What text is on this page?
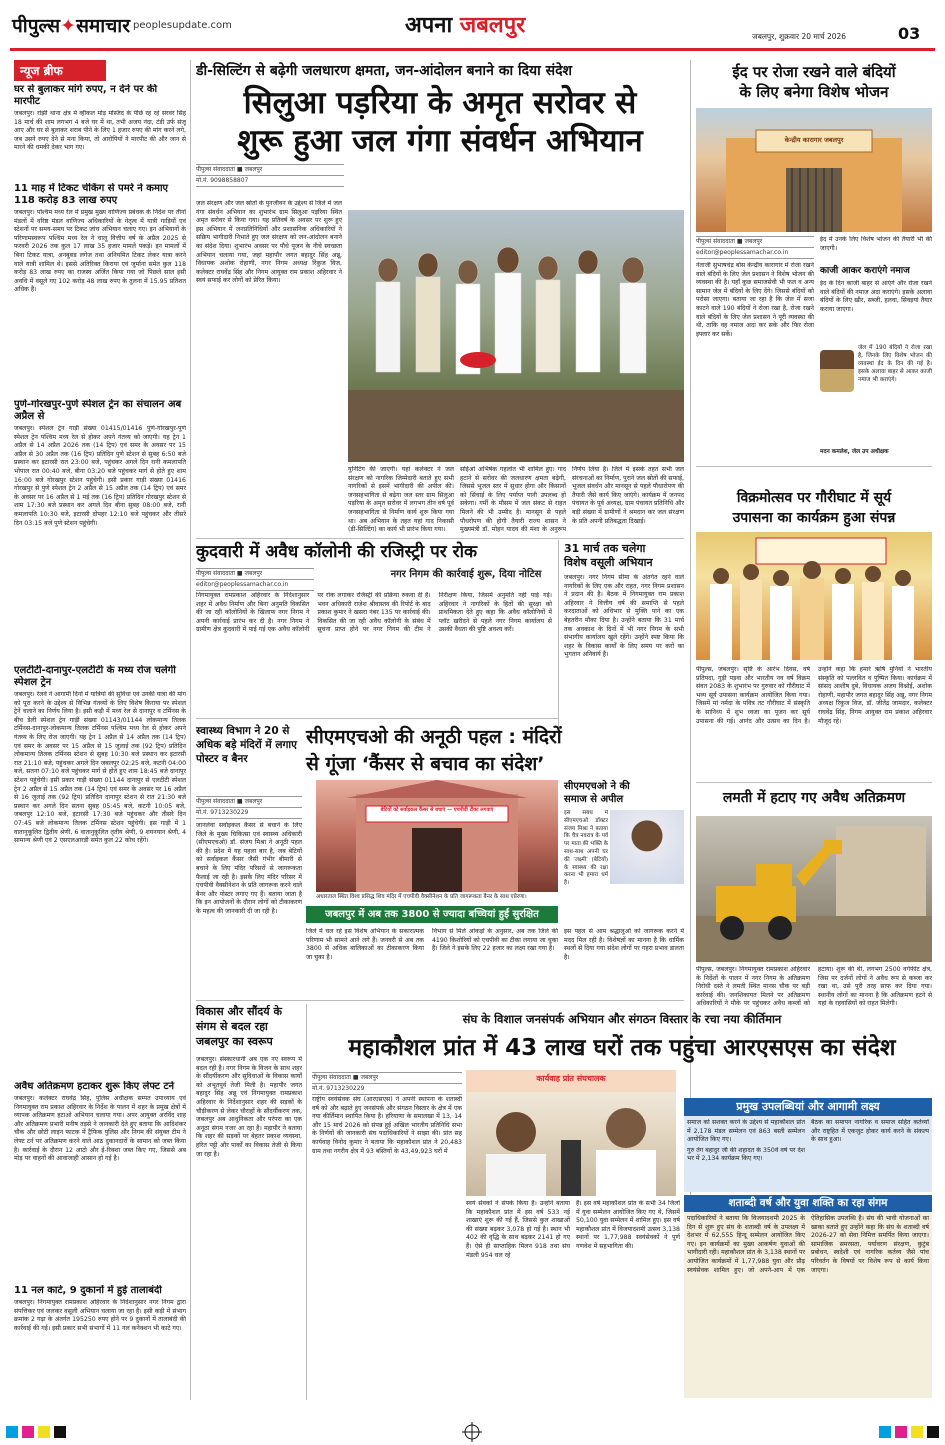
पीपुल्स✦समाचार peoplesupdate.com	अपना जबलपुर	जबलपुर, शुक्रवार 20 मार्च 2026	03
न्यूज ब्रीफ
घर से बुलाकर मांगे रुपए, न देने पर की मारपीट
जबलपुर। रांझी थाना क्षेत्र में व्हीकल मोड़ मस्जिद के पीछे रह रहे सरवर सिंह 18 मार्च की शाम लगभग 4 बजे घर में था, तभी अजय नंदा, टंडी उर्फ संजू आए और घर से बुलाकर शराब पीने के लिए 1 हजार रुपए की मांग करने लगे, जब उसने रुपए देने से मना किया, तो आरोपियों ने मारपीट की और जान से मारने की धमकी देकर भाग गए।
11 माह में टिकट चेकिंग से पमरे ने कमाए 118 करोड़ 83 लाख रुपए
जबलपुर। पश्चिम मध्य रेल में प्रमुख मुख्य वाणिज्य प्रबंधक के निर्देश पर तीनों मंडलों में वरिष्ठ मंडल वाणिज्य अधिकारियों के नेतृत्व में यात्री गाड़ियों एवं स्टेशनों पर समय-समय पर टिकट जांच अभियान चलाए गए। इन अभियानों के परिणामस्वरूप पश्चिम मध्य रेल ने चालू वित्तीय वर्ष के अप्रैल 2025 से फरवरी 2026 तक कुल 17 लाख 35 हजार मामले पकड़े। इन मामलों में बिना टिकट यात्रा, अनबुक्ड लगेज तथा अनियमित टिकट लेकर यात्रा करने वाले यात्री शामिल थे। इससे अतिरिक्त किराया एवं जुर्माना समेत कुल 118 करोड़ 83 लाख रुपए का राजस्व अर्जित किया गया जो पिछले साल इसी अवधि में वसूले गए 102 करोड़ 48 लाख रुपए के तुलना में 15.95 प्रतिशत अधिक है।
पुणे-गोरखपुर-पुणे स्पेशल ट्रेन का संचालन अब अप्रैल से
जबलपुर। स्पेशल ट्रेन गाड़ी संख्या 01415/01416 पुणे-गोरखपुर-पुणे स्पेशल ट्रेन पश्चिम मध्य रेल से होकर अपने गंतव्य को जाएगी। यह ट्रेन 1 अप्रैल से 14 अप्रैल 2026 तक (14 ट्रिप) एवं समर के अवसर पर 15 अप्रैल से 30 अप्रैल तक (16 ट्रिप) प्रतिदिन पुणे स्टेशन से सुबह 6:50 बजे प्रस्थान कर इटारसी रात 23:00 बजे, पहुंचकर अगले दिन रानी कमलापति भोपाल रात 00:40 बजे, बीना 03:20 बजे पहुंचकर मार्ग से होते हुए शाम 16:00 बजे गोरखपुर स्टेशन पहुंचेगी। इसी प्रकार गाड़ी संख्या 01416 गोरखपुर से पुणे स्पेशल ट्रेन 2 अप्रैल से 15 अप्रैल तक (14 ट्रिप) एवं समर के अवसर पर 16 अप्रैल से 1 मई तक (16 ट्रिप) प्रतिदिन गोरखपुर स्टेशन से शाम 17:30 बजे प्रस्थान कर अगले दिन बीना सुबह 08:00 बजे, रानी कमलापति 10:30 बजे, इटारसी दोपहर 12:10 बजे पहुंचकर और तीसरे दिन 03:15 बजे पुणे स्टेशन पहुंचेगी।
एलटीटी-दानापुर-एलटीटी के मध्य रोज चलेगी स्पेशल ट्रेन
जबलपुर। रेलवे ने आगामी दिनों में यात्रियों की सुविधा एवं उनकी यात्रा की मांग को पूरा करने के उद्देश्य से विभिन्न गंतव्यों के लिए विशेष किराया पर स्पेशल ट्रेनें चलाने का निर्णय लिया है। इसी कड़ी में मध्य रेल से दानापुर व टर्मिनस के बीच डेली स्पेशल ट्रेन गाड़ी संख्या 01143/01144 लोकमान्य तिलक टर्मिनस-दानापुर-लोकमान्य तिलक टर्मिनस पश्चिम मध्य रेल से होकर अपने गंतव्य के लिए रोज जाएगी। यह ट्रेन 1 अप्रैल से 14 अप्रैल तक (14 ट्रिप) एवं समर के अवसर पर 15 अप्रैल से 15 जुलाई तक (92 ट्रिप) प्रतिदिन लोकमान्य तिलक टर्मिनस स्टेशन से सुबह 10:30 बजे प्रस्थान कर इटारसी रात 21:10 बजे, पहुंचकर अगले दिन जबलपुर 02:25 बजे, कटनी 04:00 बजे, सतना 07:10 बजे पहुंचकर मार्ग से होते हुए शाम 18:45 बजे दानापुर स्टेशन पहुंचेगी। इसी प्रकार गाड़ी संख्या 01144 दानापुर से एलटीटी स्पेशल ट्रेन 2 अप्रैल से 15 अप्रैल तक (14 ट्रिप) एवं समर के अवसर पर 16 अप्रैल से 16 जुलाई तक (92 ट्रिप) प्रतिदिन दानापुर स्टेशन से रात 21:30 बजे प्रस्थान कर अगले दिन सतना सुबह 05:45 बजे, कटनी 10:05 बजे, जबलपुर 12:10 बजे, इटारसी 17:30 बजे पहुंचकर और तीसरे दिन 07:45 बजे लोकमान्य तिलक टर्मिनस स्टेशन पहुंचेगी। इस गाड़ी में 1 वातानुकूलित द्वितीय श्रेणी, 6 वातानुकूलित तृतीय श्रेणी, 9 शयनयान श्रेणी, 4 सामान्य श्रेणी एवं 2 एसएलआरडी समेत कुल 22 कोच रहेंगे।
अवैध अतिक्रमण हटाकर शुरू किए लेफ्ट टर्न
जबलपुर। कलेक्टर राघवेंद्र सिंह, पुलिस अधीक्षक सम्पत उपाध्याय एवं निगमायुक्त राम प्रकाश अहिरवार के निर्देश के पालन में शहर के प्रमुख क्षेत्रों में व्यापक अतिक्रमण हटाओ अभियान चलाया गया। अपर आयुक्त अरविंद शाह और अतिक्रमण प्रभारी मनीष तड़से ने जानकारी देते हुए बताया कि आदिशंकर चौक और छोटी लाइन फाटक में ट्रैफिक पुलिस और निगम की संयुक्त टीम ने लेफ्ट टर्न पर अतिक्रमण करने वाले आठ दुकानदारों के सामान को जब्त किया है। कार्रवाई के दौरान 12 आटो और ई-रिक्शा जब्त किए गए, जिससे अब मोड़ पर वाहनों की आवाजाही आसान हो गई है।
11 नल काटे, 9 दुकानों में हुई तालाबंदी
जबलपुर। निगमायुक्त रामप्रकाश अहिरवार के निर्देशानुसार नगर निगम द्वारा संपत्तिकर एवं जलकर वसूली अभियान चलाया जा रहा है। इसी कड़ी में संभाग क्रमांक 2 गढ़ा के अंतर्गत 195250 रुपए होने पर 9 दुकानों में तालाबंदी की कार्रवाई की गई। इसी प्रकार सभी संभागों में 11 नल कनेक्शन भी काटे गए।
डी-सिल्टिंग से बढ़ेगी जलधारण क्षमता, जन-आंदोलन बनाने का दिया संदेश
सिलुआ पड़रिया के अमृत सरोवर से
शुरू हुआ जल गंगा संवर्धन अभियान
पीपुल्स संवाददाता ■ जबलपुर
मो.नं. 9098858807
जल संरक्षण और जल स्रोतों के पुनर्जीवन के उद्देश्य से जिले में जल गंगा संवर्धन अभियान का शुभारंभ ग्राम सिलुआ पड़रिया स्थित अमृत सरोवर से किया गया। यह प्रतिवर्ष के अवसर पर शुरू हुए इस अभियान में जनप्रतिनिधियों और प्रशासनिक अधिकारियों ने सक्रिय भागीदारी निभाते हुए जल संरक्षण को जन-आंदोलन बनाने का संदेश दिया। शुभारंभ अवसर पर पौधे पूजन के नीचे स्वच्छता अभियान चलाया गया, जहां महापौर जगत बहादुर सिंह अन्नू, विधायक अशोक रोहाणी, नगर निगम अध्यक्ष रिंकुज विज, कलेक्टर राघवेंद्र सिंह और निगम आयुक्त राम प्रकाश अहिरवार ने स्वयं सफाई कर लोगों को प्रेरित किया।
युनिटिंग की जाएगी। यहां कलेक्टर ने जल संरक्षण को नागरिक जिम्मेदारी बताते हुए सभी नागरिकों से इसमें भागीदारी की अपील की। जनसहभागिता से बढ़ेगा जल स्तर ग्राम सिलुआ पड़रिया के अमृत सरोवर में लगभग तीन वर्ष पूर्व जनसहभागिता से निर्माण कार्य शुरू किया गया था। अब अभियान के तहत यहां गाद निकासी (डी-सिल्टिंग) का कार्य भी प्रारंभ किया गया।
सोईओ अभिषेक गहलोत भी शामिल हुए। गाद हटाने से सरोवर की जलधारण क्षमता बढ़ेगी, जिससे भूजल स्तर में सुधार होगा और किसानों को सिंचाई के लिए पर्याप्त पानी उपलब्ध हो सकेगा। गर्मी के मौसम में जल संकट से राहत मिलने की भी उम्मीद है। मानसून से पहले पौधरोपण की होगी तैयारी राज्य शासन ने मुख्यमंत्री डॉ. मोहन यादव की मंशा के अनुरूप
निर्णय लिया है। जिले में इसके तहत सभी जल संरचनाओं का निर्माण, पुराने जल स्रोतों की सफाई, भूजल संवर्धन और मानसून से पहले पौधारोपण की तैयारी जैसे कार्य किए जाएंगे। कार्यक्रम में जनपद पंचायत के पूर्व अध्यक्ष, ग्राम पंचायत प्रतिनिधि और बड़ी संख्या में ग्रामीणों ने श्रमदान कर जल संरक्षण के प्रति अपनी प्रतिबद्धता दिखाई।
ईद पर रोजा रखने वाले बंदियों
के लिए बनेगा विशेष भोजन
केन्द्रीय कारागार जबलपुर
पीपुल्स संवाददाता ■ जबलपुर
editor@peoplessamachar.co.in
नेताजी सुभाषचंद्र बोस केन्द्रीय कारागार में रोजा रखने वाले बंदियों के लिए जेल प्रशासन ने विशेष भोजन की व्यवस्था की है। यहाँ कुछ समाजसेवी भी फल व अन्य सामान जेल में बंदियों के लिए देंगे। जिससे बंदियों को परोसा जाएगा। बताया जा रहा है कि जेल में सजा काटने वाले 190 बंदियों ने रोजा रखा है, रोजा रखने वाले बंदियों के लिए जेल प्रशासन ने पूरी व्यवस्था की थी, ताकि वह नमाज अदा कर सके और फिर रोजा इफ्तार कर सकें।
ईद में उनके लिए विशेष भोजन की तैयारी भी की जाएगी।
काजी आकर कराएंगे नमाज
ईद के दिन काजी बाहर से आएंगे और रोजा रखने वाले बंदियों की नमाज अदा कराएंगे। इसके अलावा बंदियों के लिए खीर, सब्जी, हलवा, सिवइयां तैयार कराया जाएगा।
जेल में 190 बंदियों ने रोजा रखा है, जिनके लिए विशेष भोजन की व्यवस्था ईद के दिन की गई है। इसके अलावा बाहर से आकर काजी नमाज भी कराएंगे।
मदन कमलेश, जेल उप अधीक्षक
विक्रमोत्सव पर गौरीघाट में सूर्य
उपासना का कार्यक्रम हुआ संपन्न
पीपुल्स, जबलपुर। सृष्टि के आरंभ दिवस, वर्ष प्रतिपदा, गुड़ी पड़वा और भारतीय नव वर्ष विक्रम संवत 2083 के शुभारंभ पर गुरुवार को गौरीघाट में भव्य सूर्य उपासना कार्यक्रम आयोजित किया गया। जिसमें मां नर्मदा के पवित्र तट गौरीघाट में संस्कृति के सानिध्य में शुभ ध्वजा का पूजन कर सूर्य उपासना की गई। आनंद और उत्सव का दिन है। उन्होंने कहा कि हमारे ऋषि मुनियों ने भारतीय संस्कृति को पल्लवित व पुष्पित किया। कार्यक्रम में सांसद आशीष दुबे, विधायक अजय विश्नोई, अशोक रोहाणी, महापौर जगत बहादुर सिंह अन्नू, नगर निगम अध्यक्ष रिंकुज विज, डॉ. जीतेंद्र जामदार, कलेक्टर राघवेंद्र सिंह, निगम आयुक्त राम प्रकाश अहिरवार मौजूद रहे।
लमती में हटाए गए अवैध अतिक्रमण
पीपुल्स, जबलपुर। निगमायुक्त रामप्रकाश अहिरवार के निर्देशों के पालन में नगर निगम के अतिक्रमण निरोधी दस्ते ने लमती स्थित मानस चौक पर बड़ी कार्रवाई की। जनशिकायत मिलने पर अतिक्रमण अधिकारियों ने मौके पर पहुंचकर अवैध कब्जों को हटाया। शुरू की थी, लगभग 2500 वर्गफीट क्षेत्र, जिस पर दर्जनों लोगों ने अवैध रूप से कब्जा कर रखा था, उसे पूरी तरह साफ कर दिया गया। स्थानीय लोगों का मानना है कि अतिक्रमण हटने से यहां के रहवासियों को राहत मिलेगी।
कुदवारी में अवैध कॉलोनी की रजिस्ट्री पर रोक
पीपुल्स संवाददाता ■ जबलपुर
editor@peoplessamachar.co.in
नगर निगम की कार्रवाई शुरू, दिया नोटिस
निगमायुक्त रामप्रकाश अहिरवार के निर्देशानुसार शहर में अवैध निर्माण और बिना अनुमति विकसित की जा रही कॉलोनियों के खिलाफ नगर निगम ने अपनी कार्रवाई प्रारंभ कर दी है। नगर निगम ने ग्रामीण क्षेत्र कुदवारी में पाई गई एक अवैध कॉलोनी पर रोक लगाकर रजिस्ट्री की प्रक्रिया रुकवा दी है। भवन अधिकारी राजेश श्रीवास्तव की रिपोर्ट के बाद प्रकाश कुमार ने खसरा नंबर 135 पर कार्रवाई की। विकसित की जा रही अवैध कॉलोनी के संबंध में सूचना प्राप्त होने पर नगर निगम की टीम ने निरीक्षण किया, जिसमें अनुमति नहीं पाई गई। अहिरवार ने नागरिकों के हितों की सुरक्षा को प्राथमिकता देते हुए कहा कि अवैध कॉलोनियों में प्लॉट खरीदने से पहले नगर निगम कार्यालय से उसकी वैधता की पुष्टि अवश्य करें।
31 मार्च तक चलेगा
विशेष वसूली अभियान
जबलपुर। नगर निगम सीमा के अंतर्गत रहने वाले नागरिकों के लिए एक और राहत, नगर निगम प्रशासन ने प्रदान की है। बैठक में निगमायुक्त राम प्रकाश अहिरवार ने वित्तीय वर्ष की समाप्ति से पहले करदाताओं को अधिभार से मुक्ति पाने का एक बेहतरीन मौका दिया है। उन्होंने बताया कि 31 मार्च तक अवकाश के दिनों में भी नगर निगम के सभी संभागीय कार्यालय खुले रहेंगे। उन्होंने स्पष्ट किया कि शहर के विकास कार्यों के लिए समय पर करों का भुगतान अनिवार्य है।
सीएमएचओ की अनूठी पहल : मंदिरों
से गूंजा ‘कैंसर से बचाव का संदेश’
स्वास्थ्य विभाग ने 20 से अधिक बड़े मंदिरों में लगाए पोस्टर व बैनर
पीपुल्स संवाददाता ■ जबलपुर
मो.नं. 9713230229
जानलेवा सर्वाइकल कैंसर से बचाने के लिए जिले के मुख्य चिकित्सा एवं स्वास्थ्य अधिकारी (सीएमएचओ) डॉ. संजय मिश्रा ने अनूठी पहल की है। प्रदेश में यह पहला बार है, जब बेटियों को सर्वाइकल कैंसर जैसी गंभीर बीमारी से बचाने के लिए मंदिर परिसरों से जागरूकता फैलाई जा रही है। इसके लिए मंदिर परिसर में एचपीवी वैक्सीनेशन के प्रति जागरूक करने वाले बैनर और पोस्टर लगाए गए हैं। बताया जाता है कि इन आयोजनों के दौरान लोगों को टीकाकरण के महत्व की जानकारी दी जा रही है।
बेटियों को सर्वाइकल कैंसर से बचाएं — एचपीवी टीका लगवाएं
अधारताल स्थित विश्व प्रसिद्ध शिव मंदिर में एचपीवी वैक्सीनेशन के प्रति जागरूकता बैनर के साथ एप्रेरणा।
सीएमएचओ ने की
समाज से अपील
इस संबंध में सीएमएचओ डॉक्टर संजय मिश्रा ने बताया कि चैत्र नवरात्र के पर्व पर माता की भक्ति के साथ-साथ अपनी घर की ‘लक्ष्मी’ (बेटियों) के स्वास्थ्य की रक्षा करना भी हमारा धर्म है।
जबलपुर में अब तक 3800 से ज्यादा बच्चियां हुईं सुरक्षित
जिले में चल रहे इस विशेष अभियान के सकारात्मक परिणाम भी सामने आने लगे हैं। जनवरी से अब तक 3800 से अधिक बालिकाओं का टीकाकरण किया जा चुका है।
विभाग से मिले आंकड़ों के अनुसार, अब तक जिले की 4190 किशोरियों को एचपीवी का टीका लगाया जा चुका है। जिले ने इसके लिए 22 हजार का लक्ष्य रखा गया है।
इस पहल से आम श्रद्धालुओं को जागरूक करने में मदद मिल रही है। विशेषज्ञों का मानना है कि धार्मिक स्थलों से दिया गया संदेश लोगों पर गहरा प्रभाव डालता है।
विकास और सौंदर्य के
संगम से बदल रहा
जबलपुर का स्वरूप
जबलपुर। संस्कारधानी अब एक नए स्वरूप में बदल रही है। नगर निगम के विजन के साथ शहर के सौंदर्यीकरण और सुविधाओं के विकास कार्यों को अभूतपूर्व तेजी मिली है। महापौर जगत बहादुर सिंह अन्नू एवं निगमायुक्त रामप्रकाश अहिरवार के निर्देशानुसार शहर की सड़कों के चौड़ीकरण से लेकर चौराहों के सौंदर्यीकरण तक, जबलपुर अब आधुनिकता और परंपरा का एक अनूठा संगम नजर आ रहा है। महापौर ने बताया कि शहर की सड़कों पर बेहतर प्रकाश व्यवस्था, हरित पट्टी और पार्कों का विकास तेजी से किया जा रहा है।
संघ के विशाल जनसंपर्क अभियान और संगठन विस्तार के रचा नया कीर्तिमान
महाकौशल प्रांत में 43 लाख घरों तक पहुंचा आरएसएस का संदेश
पीपुल्स संवाददाता ■ जबलपुर
मो.नं. 9713230229
कार्यवाह प्रांत संघचालक
राष्ट्रीय स्वयंसेवक संघ (आरएसएस) ने अपनी स्थापना के शताब्दी वर्ष को और बढ़ाते हुए जनसंपर्क और संगठन विस्तार के क्षेत्र में एक नया कीर्तिमान स्थापित किया है। हरियाणा के समालखा में 13, 14 और 15 मार्च 2026 को संपन्न हुई अखिल भारतीय प्रतिनिधि सभा के निर्णयों की जानकारी संघ पदाधिकारियों ने साझा की। प्रांत सह कार्यवाह विनोद कुमार ने बताया कि महाकौशल प्रांत ने 20,483 ग्राम तथा नगरीय क्षेत्र में 93 बस्तियों के 43,49,923 घरों में
स्वयं सेवकों ने संपर्क किया है। उन्होंने बताया कि महाकौशल प्रांत में इस वर्ष 533 नई शाखाएं शुरू की गई हैं, जिससे कुल शाखाओं की संख्या बढ़कर 3,078 हो गई है। स्थान भी 402 की वृद्धि के साथ बढ़कर 2141 हो गए हैं। ऐसे ही साप्ताहिक मिलन 918 तथा संघ मंडली 954 चल रहे
हैं। इस वर्ष महाकौशल प्रांत के सभी 34 जिलों में युवा सम्मेलन आयोजित किए गए थे, जिसमें 50,100 युवा सम्मेलन में शामिल हुए। इस वर्ष महाकौशल प्रांत में विजयादशमी उत्सव 3,138 स्थानों पर 1,77,988 स्वयंसेवकों ने पूर्ण गणवेश में सहभागिता की।
प्रमुख उपलब्धियां और आगामी लक्ष्य
समाज को सशक्त करने के उद्देश्य से महाकौशल प्रांत में 2,178 मंडल सम्मेलन एवं 863 बस्ती सम्मेलन आयोजित किए गए।
गुरु तेग बहादुर जी की शहादत के 350वें वर्ष पर देश भर में 2,134 कार्यक्रम किए गए।
बैठक का समापन नागरिक व समाज सहित कर्तव्यों और राष्ट्रहित में एकजुट होकर कार्य करने के संकल्प के साथ हुआ।
शताब्दी वर्ष और युवा शक्ति का रहा संगम
पदाधिकारियों ने बताया कि विजयादशमी 2025 के दिन से शुरू हुए संघ के शताब्दी वर्ष के उपलक्ष्य में देशभर में 62,555 हिन्दू सम्मेलन आयोजित किए गए। इन कार्यक्रमों का मुख्य आकर्षण युवाओं की भागीदारी रही। महाकौशल प्रांत के 3,138 स्थानों पर आयोजित कार्यक्रमों में 1,77,988 युवा और प्रौढ़ स्वयंसेवक शामिल हुए। जो अपने-आप में एक ऐतिहासिक उपलब्धि है। संघ की भावी योजनाओं का खाका बताते हुए उन्होंने कहा कि संघ के शताब्दी वर्ष 2026-27 को सेवा निमित्त समर्पित किया जाएगा। सामाजिक समरसता, पर्यावरण संरक्षण, कुटुंब प्रबोधन, स्वदेशी एवं नागरिक कर्तव्य जैसे पांच परिवर्तन के विषयों पर विशेष रूप से कार्य किया जाएगा।
